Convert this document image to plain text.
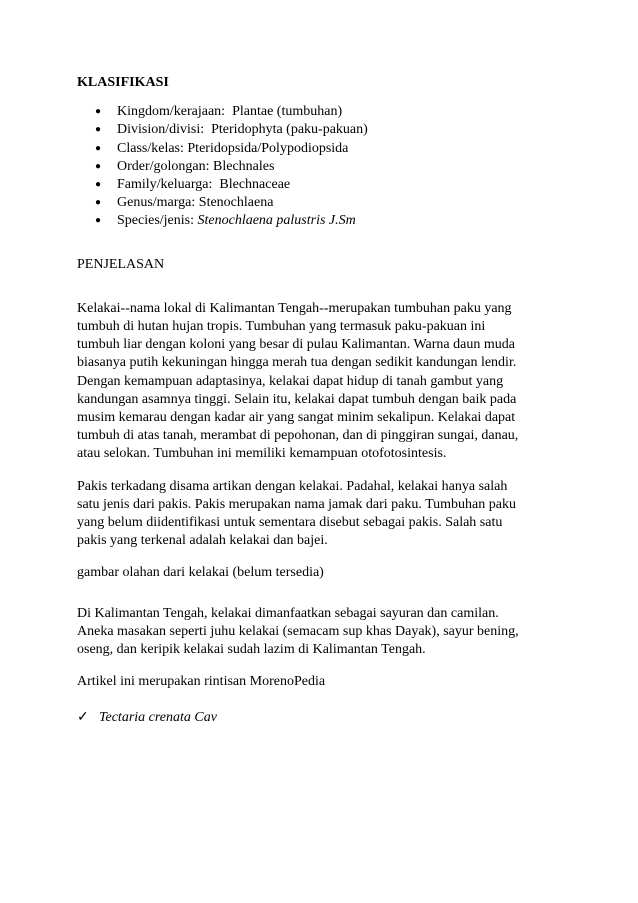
KLASIFIKASI

● Kingdom/kerajaan: Plantae (tumbuhan)
● Division/divisi: Pteridophyta (paku-pakuan)
● Class/kelas: Pteridopsida/Polypodiopsida
● Order/golongan: Blechnales
● Family/keluarga: Blechnaceae
● Genus/marga: Stenochlaena
● Species/jenis: Stenochlaena palustris J.Sm

PENJELASAN

Kelakai--nama lokal di Kalimantan Tengah--merupakan tumbuhan paku yang
tumbuh di hutan hujan tropis. Tumbuhan yang termasuk paku-pakuan ini
tumbuh liar dengan koloni yang besar di pulau Kalimantan. Warna daun muda
biasanya putih kekuningan hingga merah tua dengan sedikit kandungan lendir.
Dengan kemampuan adaptasinya, kelakai dapat hidup di tanah gambut yang
kandungan asamnya tinggi. Selain itu, kelakai dapat tumbuh dengan baik pada
musim kemarau dengan kadar air yang sangat minim sekalipun. Kelakai dapat
tumbuh di atas tanah, merambat di pepohonan, dan di pinggiran sungai, danau,
atau selokan. Tumbuhan ini memiliki kemampuan otofotosintesis.
Pakis terkadang disama artikan dengan kelakai. Padahal, kelakai hanya salah
satu jenis dari pakis. Pakis merupakan nama jamak dari paku. Tumbuhan paku
yang belum diidentifikasi untuk sementara disebut sebagai pakis. Salah satu
pakis yang terkenal adalah kelakai dan bajei.

gambar olahan dari kelakai (belum tersedia)

Di Kalimantan Tengah, kelakai dimanfaatkan sebagai sayuran dan camilan.
Aneka masakan seperti juhu kelakai (semacam sup khas Dayak), sayur bening,
oseng, dan keripik kelakai sudah lazim di Kalimantan Tengah.

Artikel ini merupakan rintisan MorenoPedia

✓ Tectaria crenata Cav
